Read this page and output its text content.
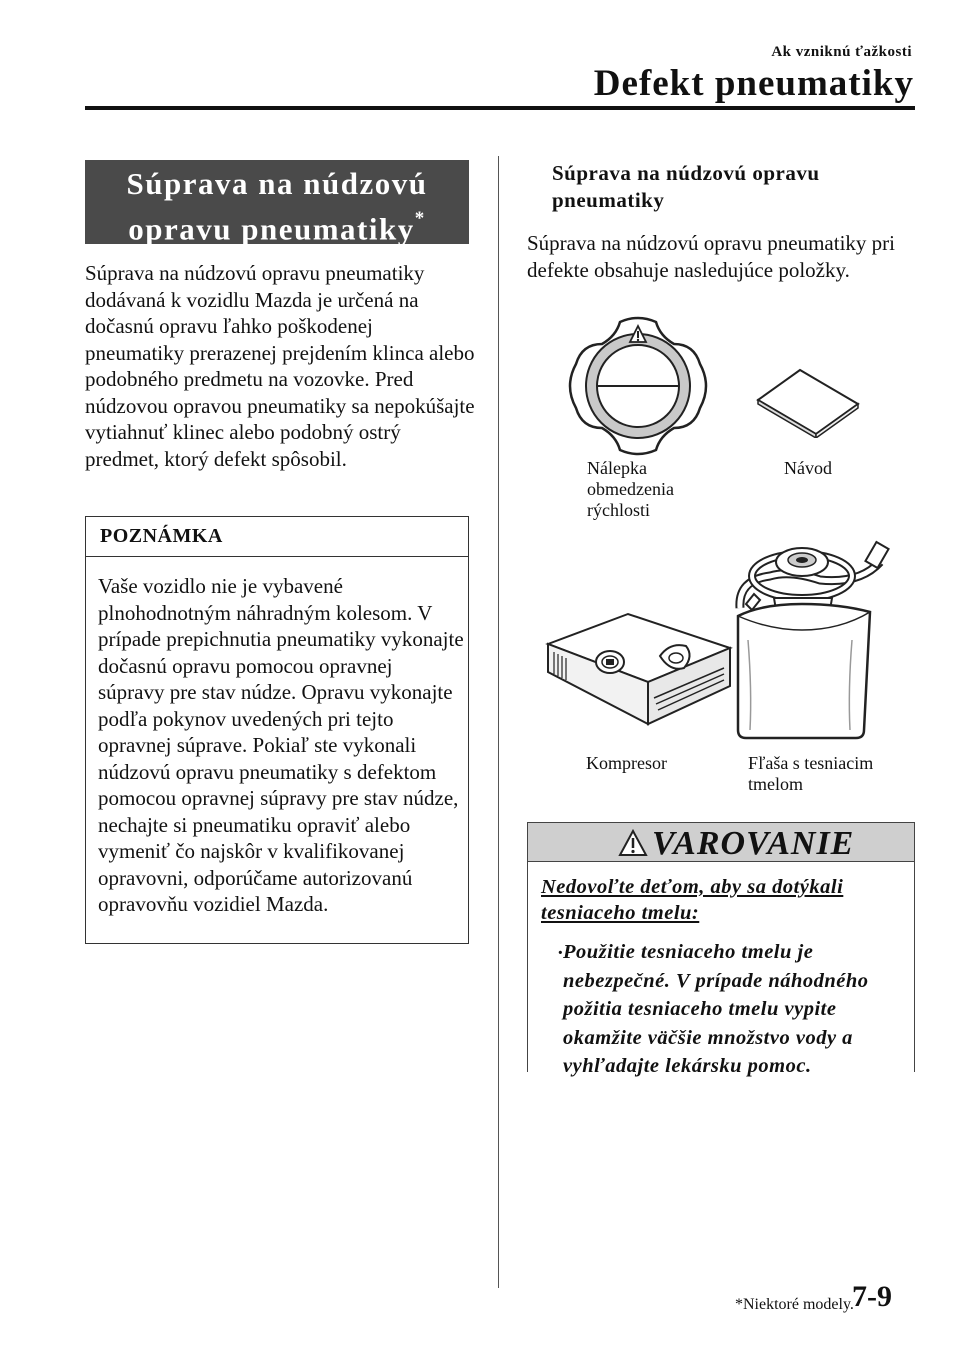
Ak vzniknú ťažkosti
Defekt pneumatiky
Súprava na núdzovú
opravu pneumatiky*
Súprava na núdzovú opravu pneumatiky dodávaná k vozidlu Mazda je určená na dočasnú opravu ľahko poškodenej pneumatiky prerazenej prejdením klinca alebo podobného predmetu na vozovke. Pred núdzovou opravou pneumatiky sa nepokúšajte vytiahnuť klinec alebo podobný ostrý predmet, ktorý defekt spôsobil.
POZNÁMKA
Vaše vozidlo nie je vybavené plnohodnotným náhradným kolesom. V prípade prepichnutia pneumatiky vykonajte dočasnú opravu pomocou opravnej súpravy pre stav núdze. Opravu vykonajte podľa pokynov uvedených pri tejto opravnej súprave. Pokiaľ ste vykonali núdzovú opravu pneumatiky s defektom pomocou opravnej súpravy pre stav núdze, nechajte si pneumatiku opraviť alebo vymeniť čo najskôr v kvalifikovanej opravovni, odporúčame autorizovanú opravovňu vozidiel Mazda.
Súprava na núdzovú opravu pneumatiky
Súprava na núdzovú opravu pneumatiky pri defekte obsahuje nasledujúce položky.
Nálepka obmedzenia rýchlosti
Návod
Kompresor	Fľaša s tesniacim tmelom
VAROVANIE
Nedovoľte deťom, aby sa dotýkali tesniaceho tmelu:
· Použitie tesniaceho tmelu je nebezpečné. V prípade náhodného požitia tesniaceho tmelu vypite okamžite väčšie množstvo vody a vyhľadajte lekársku pomoc.
*Niektoré modely.
7-9
